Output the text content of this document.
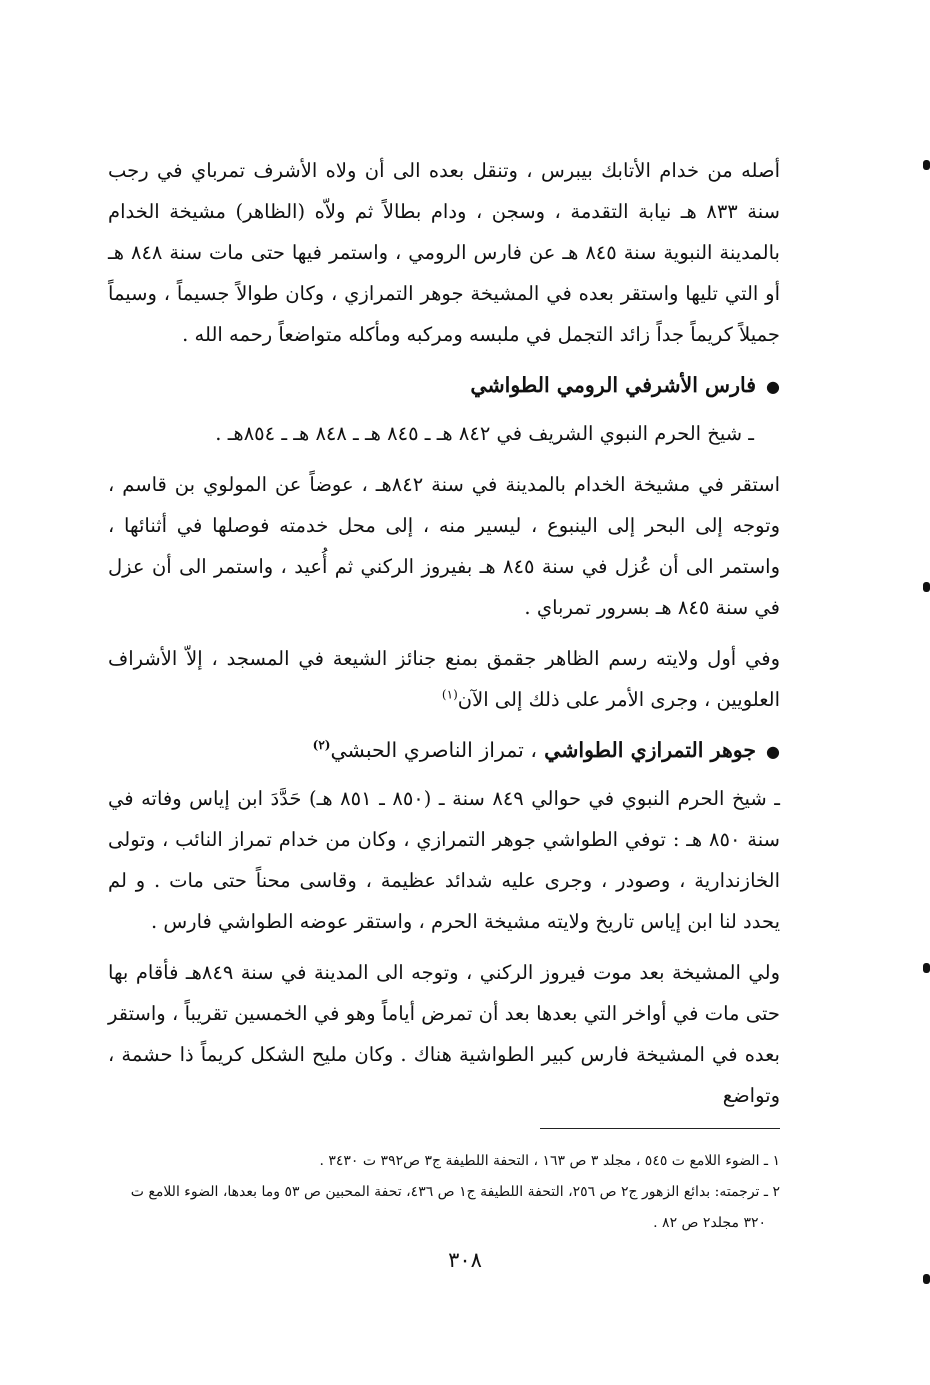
أصله من خدام الأتابك بيبرس ، وتنقل بعده الى أن ولاه الأشرف تمرباي في رجب سنة ٨٣٣ هـ نيابة التقدمة ، وسجن ، ودام بطالاً ثم ولاّه (الظاهر) مشيخة الخدام بالمدينة النبوية سنة ٨٤٥ هـ عن فارس الرومي ، واستمر فيها حتى مات سنة ٨٤٨ هـ أو التي تليها واستقر بعده في المشيخة جوهر التمرازي ، وكان طوالاً جسيماً ، وسيماً جميلاً كريماً جداً زائد التجمل في ملبسه ومركبه ومأكله متواضعاً رحمه الله .

●فارس الأشرفي الرومي الطواشي

ـ شيخ الحرم النبوي الشريف في ٨٤٢ هـ ـ ٨٤٥ هـ ـ ٨٤٨ هـ ـ ٨٥٤هـ .

استقر في مشيخة الخدام بالمدينة في سنة ٨٤٢هـ ، عوضاً عن المولوي بن قاسم ، وتوجه إلى البحر إلى الينبوع ، ليسير منه ، إلى محل خدمته فوصلها في أثنائها ، واستمر الى أن عُزل في سنة ٨٤٥ هـ بفيروز الركني ثم أُعيد ، واستمر الى أن عزل في سنة ٨٤٥ هـ بسرور تمرباي .

وفي أول ولايته رسم الظاهر جقمق بمنع جنائز الشيعة في المسجد ، إلاّ الأشراف العلويين ، وجرى الأمر على ذلك إلى الآن$^{(١)}$

●جوهر التمرازي الطواشي ، تمراز الناصري الحبشي$^{(٢)}$

ـ شيخ الحرم النبوي في حوالي ٨٤٩ سنة ـ (٨٥٠ ـ ٨٥١ هـ) حَدَّدَ ابن إياس وفاته في سنة ٨٥٠ هـ : توفي الطواشي جوهر التمرازي ، وكان من خدام تمراز النائب ، وتولى الخازندارية ، وصودر ، وجرى عليه شدائد عظيمة ، وقاسى محناً حتى مات . و لم يحدد لنا ابن إياس تاريخ ولايته مشيخة الحرم ، واستقر عوضه الطواشي فارس .

ولي المشيخة بعد موت فيروز الركني ، وتوجه الى المدينة في سنة ٨٤٩هـ فأقام بها حتى مات في أواخر التي بعدها بعد أن تمرض أياماً وهو في الخمسين تقريباً ، واستقر بعده في المشيخة فارس كبير الطواشية هناك . وكان مليح الشكل كريماً ذا حشمة ، وتواضع

١ ـ الضوء اللامع ت ٥٤٥ ، مجلد ٣ ص ١٦٣ ، التحفة اللطيفة ج٣ ص٣٩٢ ت ٣٤٣٠ .

٢ ـ ترجمته: بدائع الزهور ج٢ ص ٢٥٦، التحفة اللطيفة ج١ ص ٤٣٦، تحفة المحبين ص ٥٣ وما بعدها، الضوء اللامع ت

٣٢٠ مجلد٢ ص ٨٢ .

٣٠٨
